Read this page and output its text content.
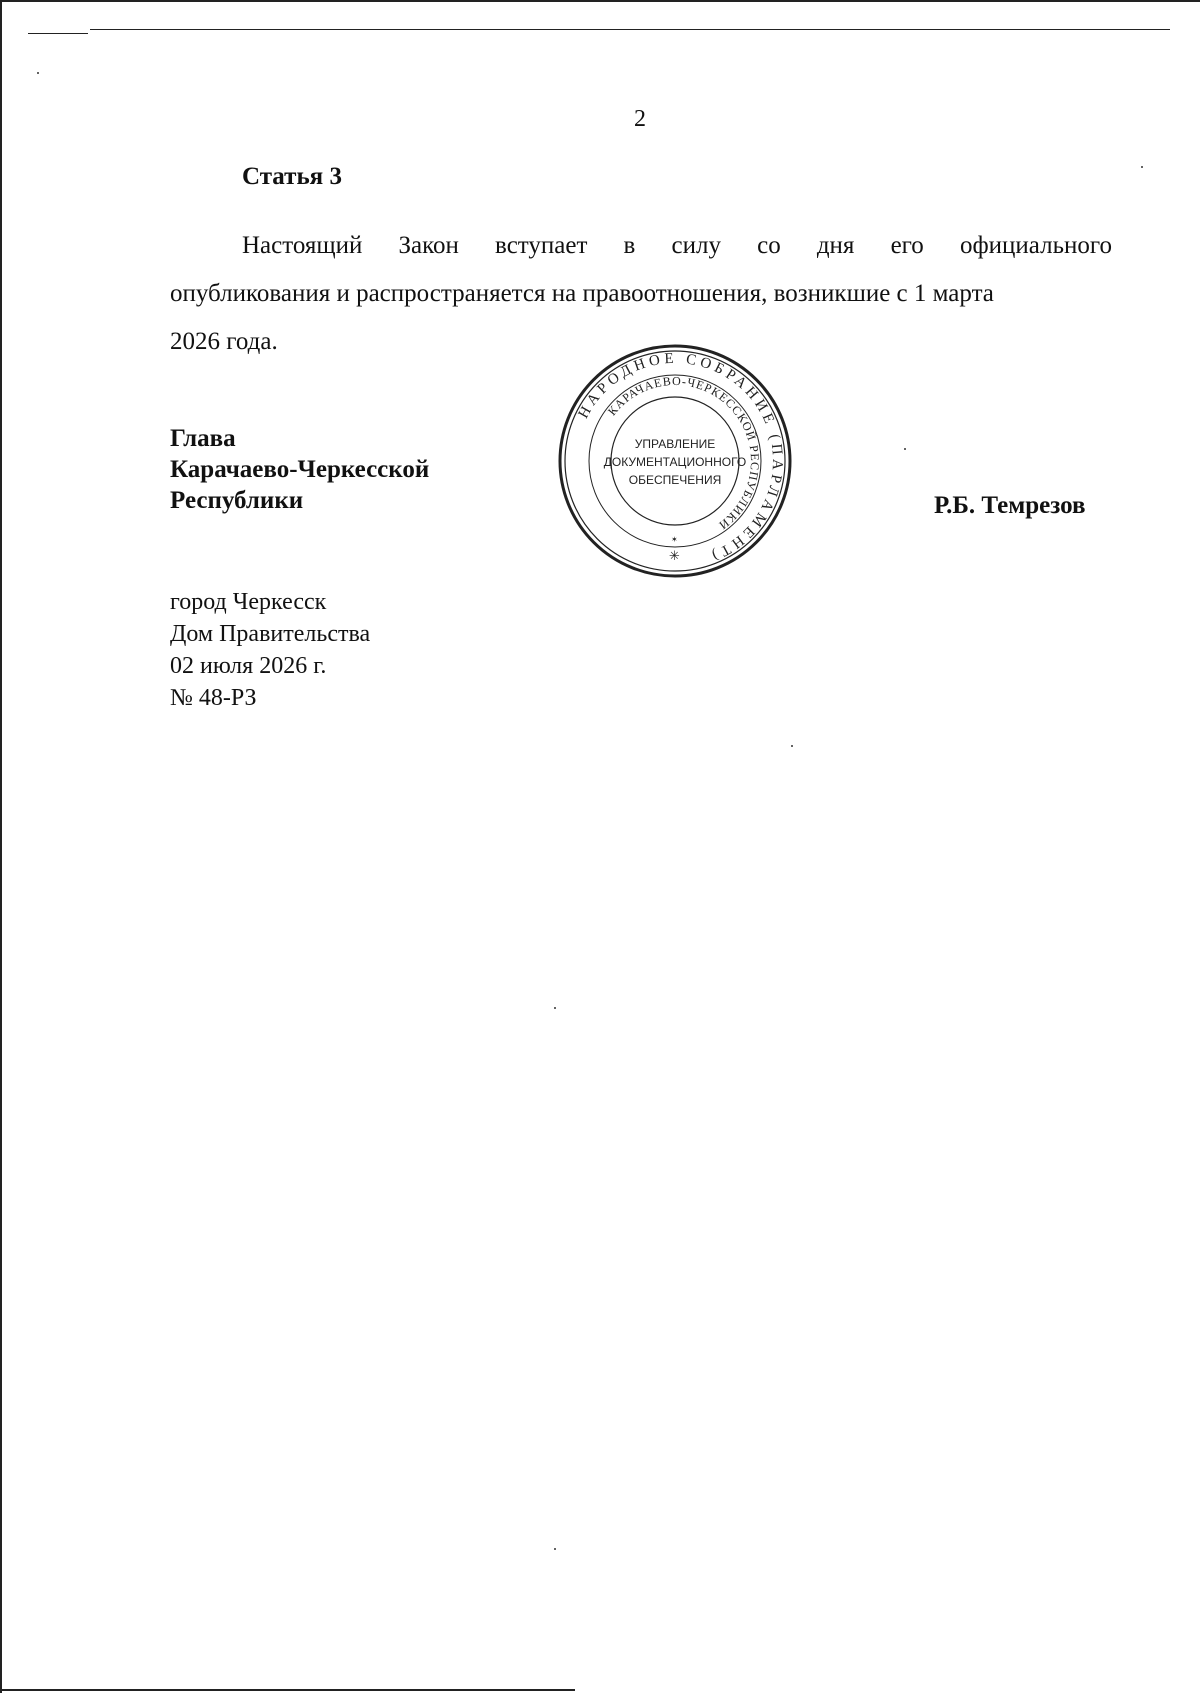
2
Статья 3
Настоящий Закон вступает в силу со дня его официального
опубликования и распространяется на правоотношения, возникшие с 1 марта
2026 года.
Глава
Карачаево-Черкесской
Республики	Р.Б. Темрезов
НАРОДНОЕ СОБРАНИЕ (ПАРЛАМЕНТ)
КАРАЧАЕВО-ЧЕРКЕССКОЙ РЕСПУБЛИКИ
УПРАВЛЕНИЕ
ДОКУМЕНТАЦИОННОГО
ОБЕСПЕЧЕНИЯ
✳
✶
город Черкесск
Дом Правительства
02 июля 2026 г.
№ 48-РЗ
